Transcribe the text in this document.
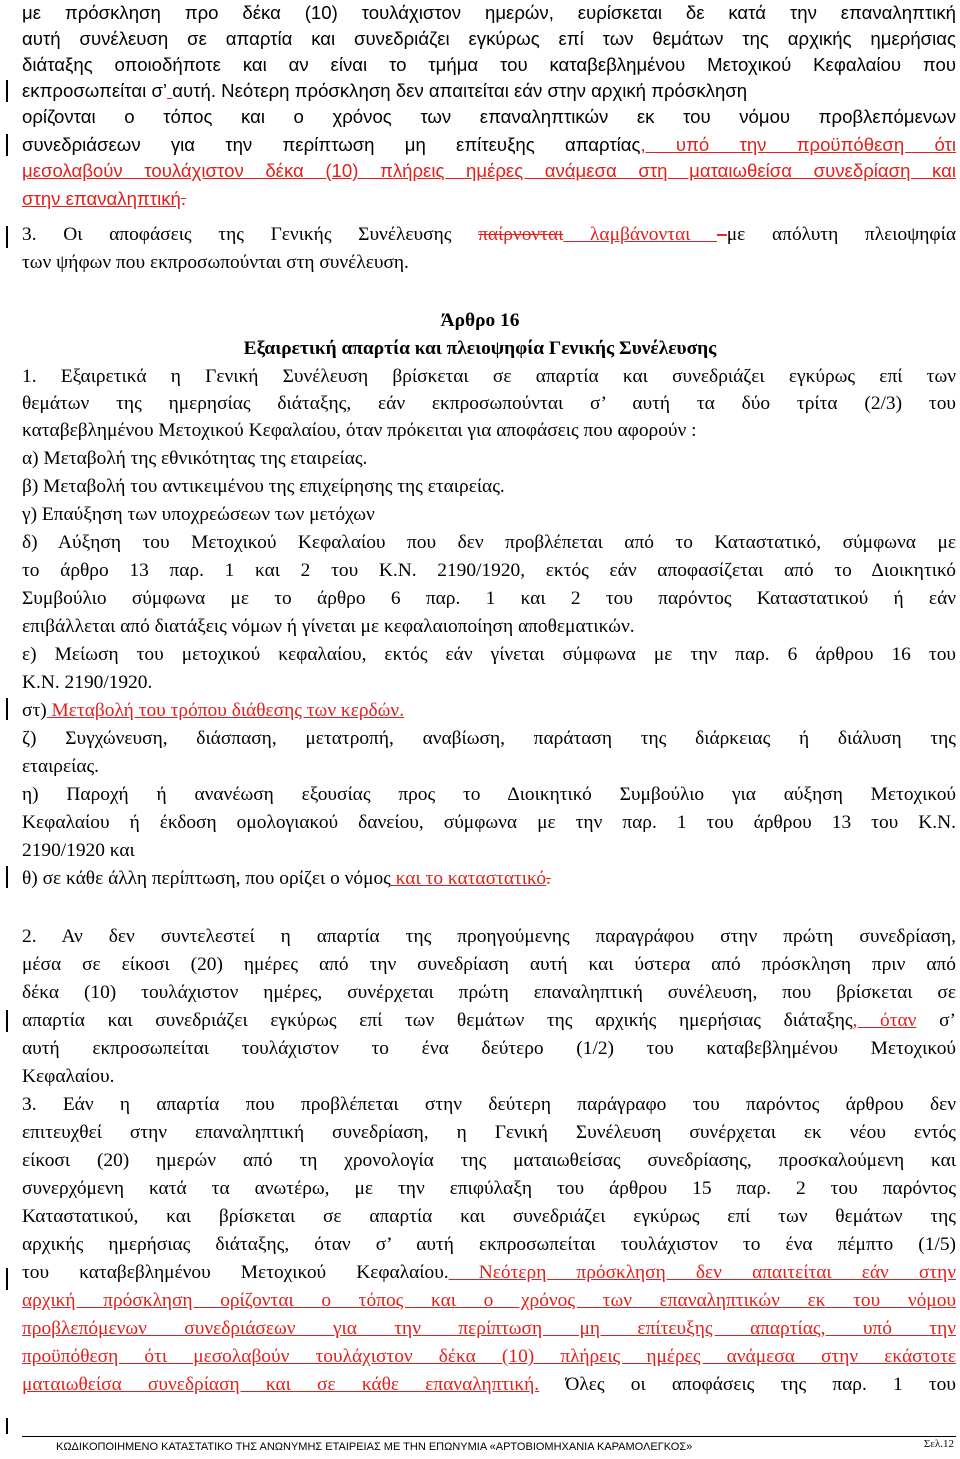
με πρόσκληση προ δέκα (10) τουλάχιστον ημερών, ευρίσκεται δε κατά την επαναληπτική

αυτή συνέλευση σε απαρτία και συνεδριάζει εγκύρως επί των θεμάτων της αρχικής ημερήσιας

διάταξης οποιοδήποτε και αν είναι το τμήμα του καταβεβλημένου Μετοχικού Κεφαλαίου που

εκπροσωπείται σ’ αυτή. Νεότερη πρόσκληση δεν απαιτείται εάν στην αρχική πρόσκληση

ορίζονται ο τόπος και ο χρόνος των επαναληπτικών εκ του νόμου προβλεπόμενων

συνεδριάσεων για την περίπτωση μη επίτευξης απαρτίας, υπό την προϋπόθεση ότι

μεσολαβούν τουλάχιστον δέκα (10) πλήρεις ημέρες ανάμεσα στη ματαιωθείσα συνεδρίαση και

στην επαναληπτική.

3. Οι αποφάσεις της Γενικής Συνέλευσης παίρνονται λαμβάνονται –με απόλυτη πλειοψηφία

των ψήφων που εκπροσωπούνται στη συνέλευση.

Άρθρο 16

Εξαιρετική απαρτία και πλειοψηφία Γενικής Συνέλευσης

1. Εξαιρετικά η Γενική Συνέλευση βρίσκεται σε απαρτία και συνεδριάζει εγκύρως επί των

θεμάτων της ημερησίας διάταξης, εάν εκπροσωπούνται σ’ αυτή τα δύο τρίτα (2/3) του

καταβεβλημένου Μετοχικού Κεφαλαίου, όταν πρόκειται για αποφάσεις που αφορούν :

α) Μεταβολή της εθνικότητας της εταιρείας.

β) Μεταβολή του αντικειμένου της επιχείρησης της εταιρείας.

γ) Επαύξηση των υποχρεώσεων των μετόχων

δ) Αύξηση του Μετοχικού Κεφαλαίου που δεν προβλέπεται από το Καταστατικό, σύμφωνα με

το άρθρο 13 παρ. 1 και 2 του Κ.Ν. 2190/1920, εκτός εάν αποφασίζεται από το Διοικητικό

Συμβούλιο σύμφωνα με το άρθρο 6 παρ. 1 και 2 του παρόντος Καταστατικού ή εάν

επιβάλλεται από διατάξεις νόμων ή γίνεται με κεφαλαιοποίηση αποθεματικών.

ε) Μείωση του μετοχικού κεφαλαίου, εκτός εάν γίνεται σύμφωνα με την παρ. 6 άρθρου 16 του

Κ.Ν. 2190/1920.

στ) Μεταβολή του τρόπου διάθεσης των κερδών.

ζ) Συγχώνευση, διάσπαση, μετατροπή, αναβίωση, παράταση της διάρκειας ή διάλυση της

εταιρείας.

η) Παροχή ή ανανέωση εξουσίας προς το Διοικητικό Συμβούλιο για αύξηση Μετοχικού

Κεφαλαίου ή έκδοση ομολογιακού δανείου, σύμφωνα με την παρ. 1 του άρθρου 13 του Κ.Ν.

2190/1920 και

θ) σε κάθε άλλη περίπτωση, που ορίζει ο νόμος και το καταστατικό.

2. Αν δεν συντελεστεί η απαρτία της προηγούμενης παραγράφου στην πρώτη συνεδρίαση,

μέσα σε είκοσι (20) ημέρες από την συνεδρίαση αυτή και ύστερα από πρόσκληση πριν από

δέκα (10) τουλάχιστον ημέρες, συνέρχεται πρώτη επαναληπτική συνέλευση, που βρίσκεται σε

απαρτία και συνεδριάζει εγκύρως επί των θεμάτων της αρχικής ημερήσιας διάταξης, όταν σ’

αυτή εκπροσωπείται τουλάχιστον το ένα δεύτερο (1/2) του καταβεβλημένου Μετοχικού

Κεφαλαίου.

3. Εάν η απαρτία που προβλέπεται στην δεύτερη παράγραφο του παρόντος άρθρου δεν

επιτευχθεί στην επαναληπτική συνεδρίαση, η Γενική Συνέλευση συνέρχεται εκ νέου εντός

είκοσι (20) ημερών από τη χρονολογία της ματαιωθείσας συνεδρίασης, προσκαλούμενη και

συνερχόμενη κατά τα ανωτέρω, με την επιφύλαξη του άρθρου 15 παρ. 2 του παρόντος

Καταστατικού, και βρίσκεται σε απαρτία και συνεδριάζει εγκύρως επί των θεμάτων της

αρχικής ημερήσιας διάταξης, όταν σ’ αυτή εκπροσωπείται τουλάχιστον το ένα πέμπτο (1/5)

του καταβεβλημένου Μετοχικού Κεφαλαίου. Νεότερη πρόσκληση δεν απαιτείται εάν στην

αρχική πρόσκληση ορίζονται ο τόπος και ο χρόνος των επαναληπτικών εκ του νόμου

προβλεπόμενων συνεδριάσεων για την περίπτωση μη επίτευξης απαρτίας, υπό την

προϋπόθεση ότι μεσολαβούν τουλάχιστον δέκα (10) πλήρεις ημέρες ανάμεσα στην εκάστοτε

ματαιωθείσα συνεδρίαση και σε κάθε επαναληπτική. Όλες οι αποφάσεις της παρ. 1 του

ΚΩΔΙΚΟΠΟΙΗΜΕΝΟ ΚΑΤΑΣΤΑΤΙΚΟ ΤΗΣ ΑΝΩΝΥΜΗΣ ΕΤΑΙΡΕΙΑΣ ΜΕ ΤΗΝ ΕΠΩΝΥΜΙΑ «ΑΡΤΟΒΙΟΜΗΧΑΝΙΑ ΚΑΡΑΜΟΛΕΓΚΟΣ»	Σελ.12
